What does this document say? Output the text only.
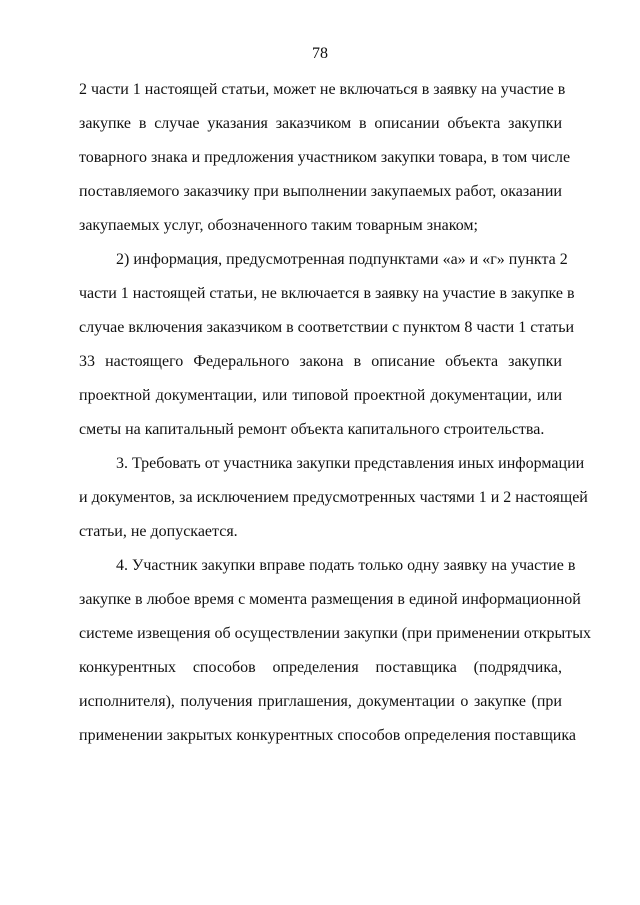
78
2 части 1 настоящей статьи, может не включаться в заявку на участие в
закупке в случае указания заказчиком в описании объекта закупки
товарного знака и предложения участником закупки товара, в том числе
поставляемого заказчику при выполнении закупаемых работ, оказании
закупаемых услуг, обозначенного таким товарным знаком;
2) информация, предусмотренная подпунктами «а» и «г» пункта 2
части 1 настоящей статьи, не включается в заявку на участие в закупке в
случае включения заказчиком в соответствии с пунктом 8 части 1 статьи
33 настоящего Федерального закона в описание объекта закупки
проектной документации, или типовой проектной документации, или
сметы на капитальный ремонт объекта капитального строительства.
3. Требовать от участника закупки представления иных информации
и документов, за исключением предусмотренных частями 1 и 2 настоящей
статьи, не допускается.
4. Участник закупки вправе подать только одну заявку на участие в
закупке в любое время с момента размещения в единой информационной
системе извещения об осуществлении закупки (при применении открытых
конкурентных способов определения поставщика (подрядчика,
исполнителя), получения приглашения, документации о закупке (при
применении закрытых конкурентных способов определения поставщика
